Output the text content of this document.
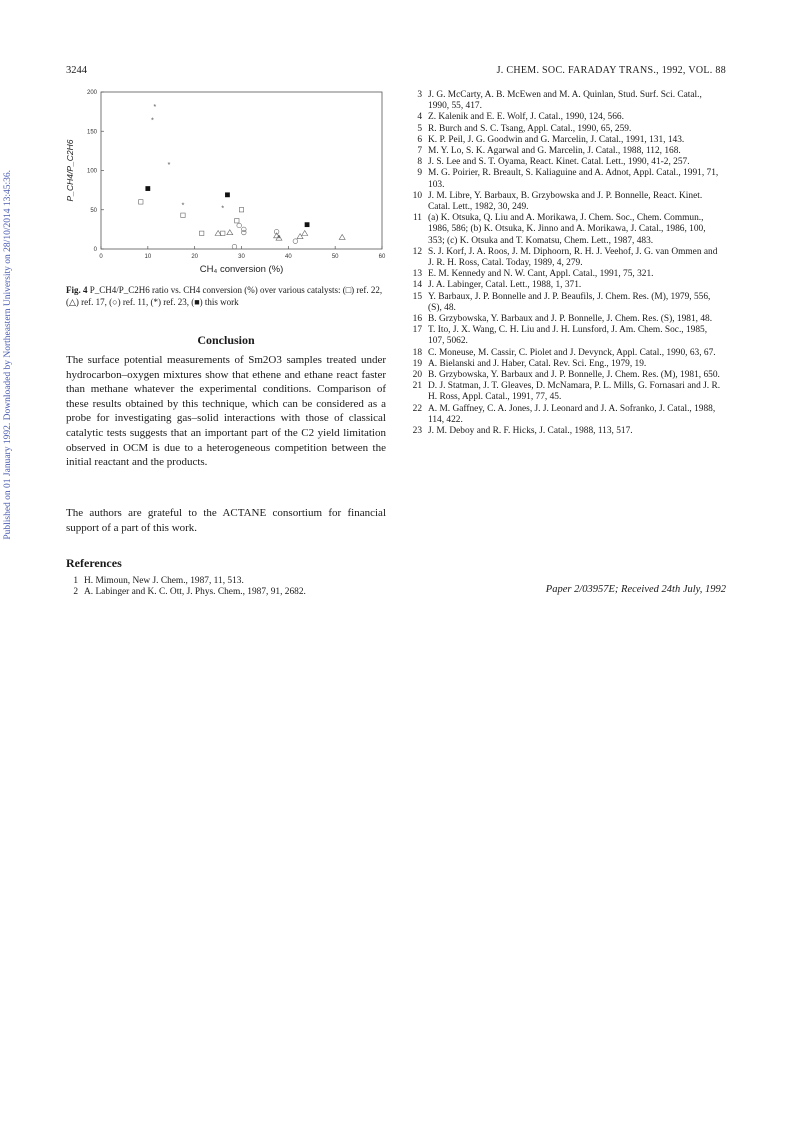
Published on 01 January 1992. Downloaded by Northeastern University on 28/10/2014 13:45:36.
3244	J. CHEM. SOC. FARADAY TRANS., 1992, VOL. 88
0	10	20	30	40	50	60
0
50
100
150
200
CH₄ conversion (%)
P_CH4/P_C2H6
*
*
*
*	*
*
Fig. 4 P_CH4/P_C2H6 ratio vs. CH4 conversion (%) over various catalysts: (□) ref. 22, (△) ref. 17, (○) ref. 11, (*) ref. 23, (■) this work
Conclusion
The surface potential measurements of Sm2O3 samples treated under hydrocarbon–oxygen mixtures show that ethene and ethane react faster than methane whatever the experimental conditions. Comparison of these results obtained by this technique, which can be considered as a probe for investigating gas–solid interactions with those of classical catalytic tests suggests that an important part of the C2 yield limitation observed in OCM is due to a heterogeneous competition between the initial reactant and the products.
The authors are grateful to the ACTANE consortium for financial support of a part of this work.
References
1 H. Mimoun, New J. Chem., 1987, 11, 513.
2 A. Labinger and K. C. Ott, J. Phys. Chem., 1987, 91, 2682.
3 J. G. McCarty, A. B. McEwen and M. A. Quinlan, Stud. Surf. Sci. Catal., 1990, 55, 417.
4 Z. Kalenik and E. E. Wolf, J. Catal., 1990, 124, 566.
5 R. Burch and S. C. Tsang, Appl. Catal., 1990, 65, 259.
6 K. P. Peil, J. G. Goodwin and G. Marcelin, J. Catal., 1991, 131, 143.
7 M. Y. Lo, S. K. Agarwal and G. Marcelin, J. Catal., 1988, 112, 168.
8 J. S. Lee and S. T. Oyama, React. Kinet. Catal. Lett., 1990, 41-2, 257.
9 M. G. Poirier, R. Breault, S. Kaliaguine and A. Adnot, Appl. Catal., 1991, 71, 103.
10 J. M. Libre, Y. Barbaux, B. Grzybowska and J. P. Bonnelle, React. Kinet. Catal. Lett., 1982, 30, 249.
11 (a) K. Otsuka, Q. Liu and A. Morikawa, J. Chem. Soc., Chem. Commun., 1986, 586; (b) K. Otsuka, K. Jinno and A. Morikawa, J. Catal., 1986, 100, 353; (c) K. Otsuka and T. Komatsu, Chem. Lett., 1987, 483.
12 S. J. Korf, J. A. Roos, J. M. Diphoorn, R. H. J. Veehof, J. G. van Ommen and J. R. H. Ross, Catal. Today, 1989, 4, 279.
13 E. M. Kennedy and N. W. Cant, Appl. Catal., 1991, 75, 321.
14 J. A. Labinger, Catal. Lett., 1988, 1, 371.
15 Y. Barbaux, J. P. Bonnelle and J. P. Beaufils, J. Chem. Res. (M), 1979, 556, (S), 48.
16 B. Grzybowska, Y. Barbaux and J. P. Bonnelle, J. Chem. Res. (S), 1981, 48.
17 T. Ito, J. X. Wang, C. H. Liu and J. H. Lunsford, J. Am. Chem. Soc., 1985, 107, 5062.
18 C. Moneuse, M. Cassir, C. Piolet and J. Devynck, Appl. Catal., 1990, 63, 67.
19 A. Bielanski and J. Haber, Catal. Rev. Sci. Eng., 1979, 19.
20 B. Grzybowska, Y. Barbaux and J. P. Bonnelle, J. Chem. Res. (M), 1981, 650.
21 D. J. Statman, J. T. Gleaves, D. McNamara, P. L. Mills, G. Fornasari and J. R. H. Ross, Appl. Catal., 1991, 77, 45.
22 A. M. Gaffney, C. A. Jones, J. J. Leonard and J. A. Sofranko, J. Catal., 1988, 114, 422.
23 J. M. Deboy and R. F. Hicks, J. Catal., 1988, 113, 517.
Paper 2/03957E; Received 24th July, 1992
